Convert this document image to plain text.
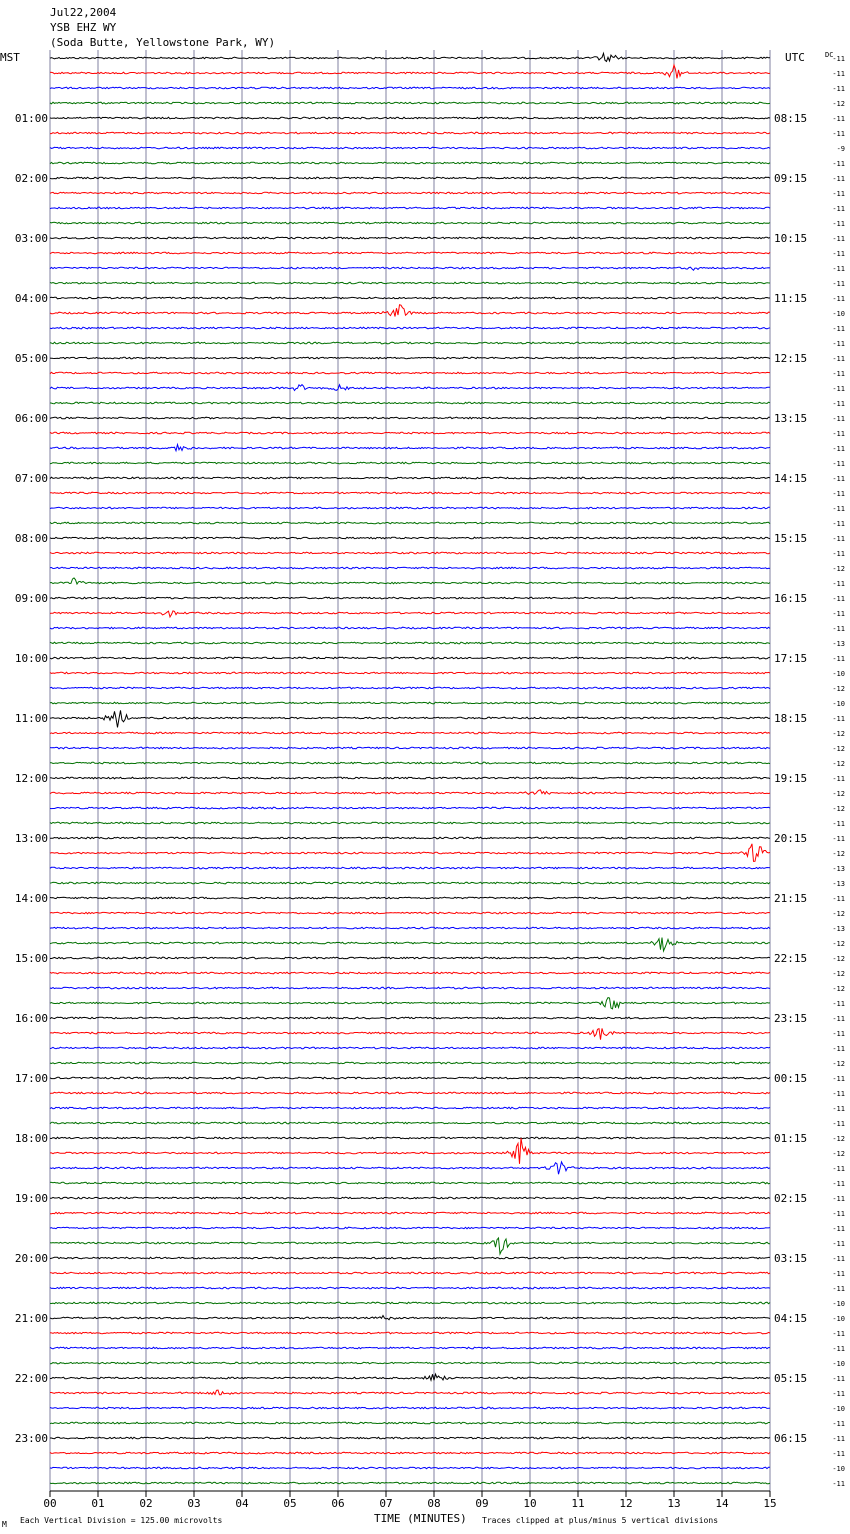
Jul22,2004
YSB EHZ WY
(Soda Butte, Yellowstone Park, WY)
MST	UTC	DC
01:00
02:00
03:00
04:00
05:00
06:00
07:00
08:00
09:00
10:00
11:00
12:00
13:00
14:00
15:00
16:00
17:00
18:00
19:00
20:00
21:00
22:00
23:00
08:15
09:15
10:15
11:15
12:15
13:15
14:15
15:15
16:15
17:15
18:15
19:15
20:15
21:15
22:15
23:15
00:15
01:15
02:15
03:15
04:15
05:15
06:15
-11
-11
-11
-12
-11
-11
-9
-11
-11
-11
-11
-11
-11
-11
-11
-11
-11
-10
-11
-11
-11
-11
-11
-11
-11
-11
-11
-11
-11
-11
-11
-11
-11
-11
-12
-11
-11
-11
-11
-13
-11
-10
-12
-10
-11
-12
-12
-12
-11
-12
-12
-11
-11
-12
-13
-13
-11
-12
-13
-12
-12
-12
-12
-11
-11
-11
-11
-12
-11
-11
-11
-11
-12
-12
-11
-11
-11
-11
-11
-11
-11
-11
-11
-10
-10
-11
-11
-10
-11
-11
-10
-11
-11
-11
-10
-11
00	01	02	03	04	05	06	07	08	09	10	11	12	13	14	15
TIME (MINUTES)
Each Vertical Division = 125.00 microvolts	Traces clipped at plus/minus 5 vertical divisions
M
